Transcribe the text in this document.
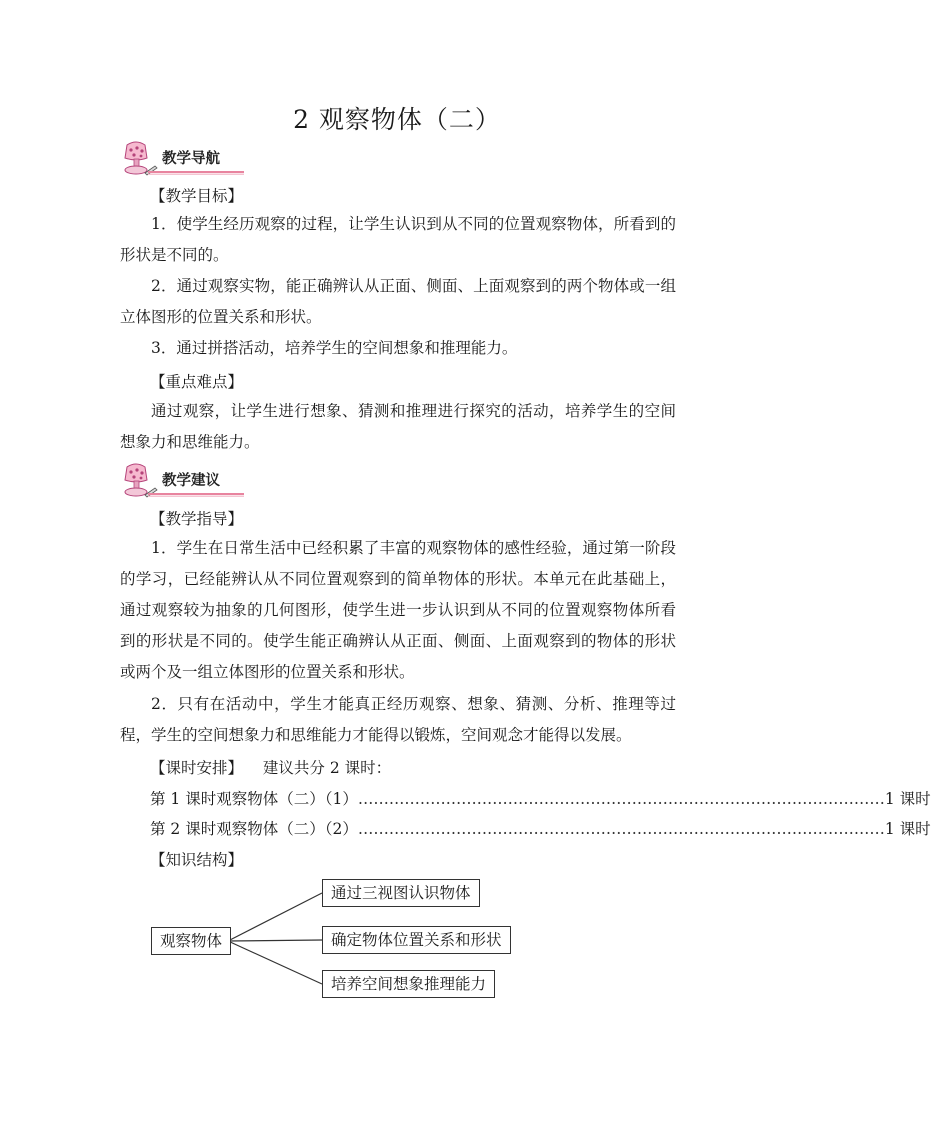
2 观察物体（二）
教学导航
【教学目标】
1．使学生经历观察的过程，让学生认识到从不同的位置观察物体，所看到的形状是不同的。
2．通过观察实物，能正确辨认从正面、侧面、上面观察到的两个物体或一组立体图形的位置关系和形状。
3．通过拼搭活动，培养学生的空间想象和推理能力。
【重点难点】
通过观察，让学生进行想象、猜测和推理进行探究的活动，培养学生的空间想象力和思维能力。
教学建议
【教学指导】
1．学生在日常生活中已经积累了丰富的观察物体的感性经验，通过第一阶段的学习，已经能辨认从不同位置观察到的简单物体的形状。本单元在此基础上，通过观察较为抽象的几何图形，使学生进一步认识到从不同的位置观察物体所看到的形状是不同的。使学生能正确辨认从正面、侧面、上面观察到的物体的形状或两个及一组立体图形的位置关系和形状。
2．只有在活动中，学生才能真正经历观察、想象、猜测、分析、推理等过程，学生的空间想象力和思维能力才能得以锻炼，空间观念才能得以发展。
【课时安排】 建议共分 2 课时：
第 1 课时观察物体（二）（1） ………………………………………………………………………………………… 1 课时
第 2 课时观察物体（二）（2） ………………………………………………………………………………………… 1 课时
【知识结构】
观察物体
通过三视图认识物体
确定物体位置关系和形状
培养空间想象推理能力
